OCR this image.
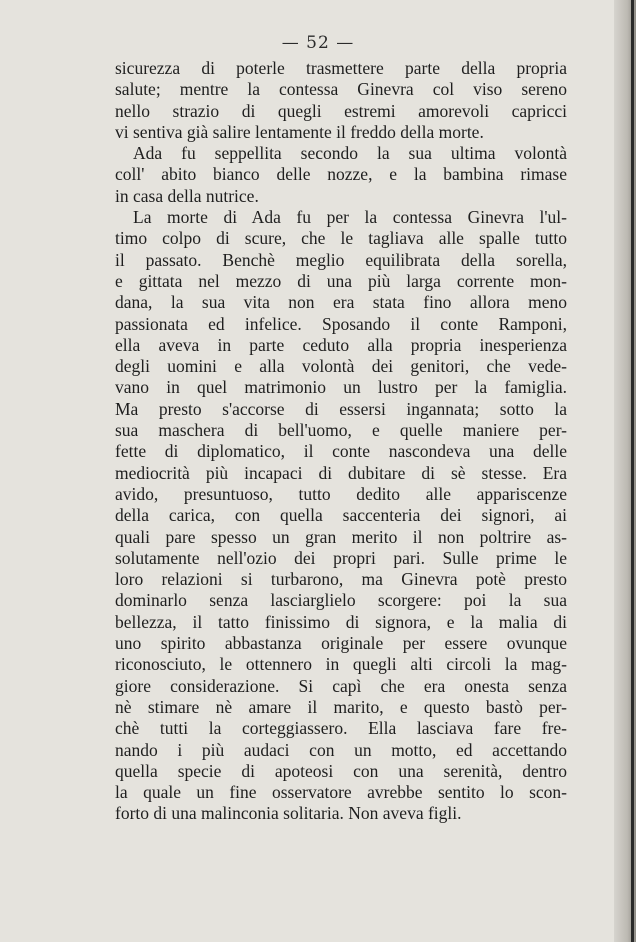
— 52 —
sicurezza di poterle trasmettere parte della propria
salute; mentre la contessa Ginevra col viso sereno
nello strazio di quegli estremi amorevoli capricci
vi sentiva già salire lentamente il freddo della morte.
Ada fu seppellita secondo la sua ultima volontà
coll' abito bianco delle nozze, e la bambina rimase
in casa della nutrice.
La morte di Ada fu per la contessa Ginevra l'ul-
timo colpo di scure, che le tagliava alle spalle tutto
il passato. Benchè meglio equilibrata della sorella,
e gittata nel mezzo di una più larga corrente mon-
dana, la sua vita non era stata fino allora meno
passionata ed infelice. Sposando il conte Ramponi,
ella aveva in parte ceduto alla propria inesperienza
degli uomini e alla volontà dei genitori, che vede-
vano in quel matrimonio un lustro per la famiglia.
Ma presto s'accorse di essersi ingannata; sotto la
sua maschera di bell'uomo, e quelle maniere per-
fette di diplomatico, il conte nascondeva una delle
mediocrità più incapaci di dubitare di sè stesse. Era
avido, presuntuoso, tutto dedito alle appariscenze
della carica, con quella saccenteria dei signori, ai
quali pare spesso un gran merito il non poltrire as-
solutamente nell'ozio dei propri pari. Sulle prime le
loro relazioni si turbarono, ma Ginevra potè presto
dominarlo senza lasciarglielo scorgere: poi la sua
bellezza, il tatto finissimo di signora, e la malia di
uno spirito abbastanza originale per essere ovunque
riconosciuto, le ottennero in quegli alti circoli la mag-
giore considerazione. Si capì che era onesta senza
nè stimare nè amare il marito, e questo bastò per-
chè tutti la corteggiassero. Ella lasciava fare fre-
nando i più audaci con un motto, ed accettando
quella specie di apoteosi con una serenità, dentro
la quale un fine osservatore avrebbe sentito lo scon-
forto di una malinconia solitaria. Non aveva figli.
